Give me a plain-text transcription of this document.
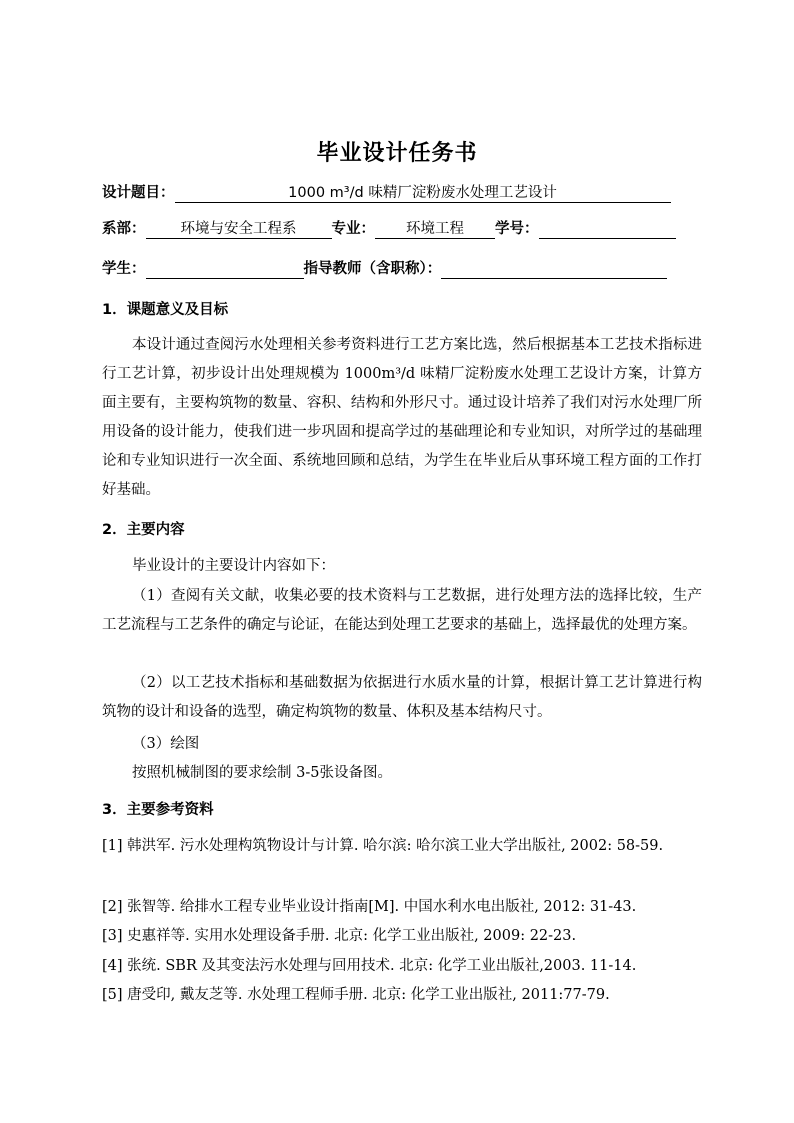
毕业设计任务书
设计题目：	1000 m³/d 味精厂淀粉废水处理工艺设计
系部： 环境与安全工程系 专业： 环境工程 学号：
学生：	指导教师（含职称）：
1．课题意义及目标
本设计通过查阅污水处理相关参考资料进行工艺方案比选，然后根据基本工艺技术指标进行工艺计算，初步设计出处理规模为 1000m³/d 味精厂淀粉废水处理工艺设计方案，计算方面主要有，主要构筑物的数量、容积、结构和外形尺寸。通过设计培养了我们对污水处理厂所用设备的设计能力，使我们进一步巩固和提高学过的基础理论和专业知识，对所学过的基础理论和专业知识进行一次全面、系统地回顾和总结，为学生在毕业后从事环境工程方面的工作打好基础。
2．主要内容
毕业设计的主要设计内容如下：
（1）查阅有关文献，收集必要的技术资料与工艺数据，进行处理方法的选择比较，生产工艺流程与工艺条件的确定与论证，在能达到处理工艺要求的基础上，选择最优的处理方案。
（2）以工艺技术指标和基础数据为依据进行水质水量的计算，根据计算工艺计算进行构筑物的设计和设备的选型，确定构筑物的数量、体积及基本结构尺寸。
（3）绘图
按照机械制图的要求绘制 3-5张设备图。
3．主要参考资料
[1] 韩洪军. 污水处理构筑物设计与计算. 哈尔滨: 哈尔滨工业大学出版社, 2002: 58-59.
[2] 张智等. 给排水工程专业毕业设计指南[M]. 中国水利水电出版社, 2012: 31-43.
[3] 史惠祥等. 实用水处理设备手册. 北京: 化学工业出版社, 2009: 22-23.
[4] 张统. SBR 及其变法污水处理与回用技术. 北京: 化学工业出版社,2003. 11-14.
[5] 唐受印, 戴友芝等. 水处理工程师手册. 北京: 化学工业出版社, 2011:77-79.
